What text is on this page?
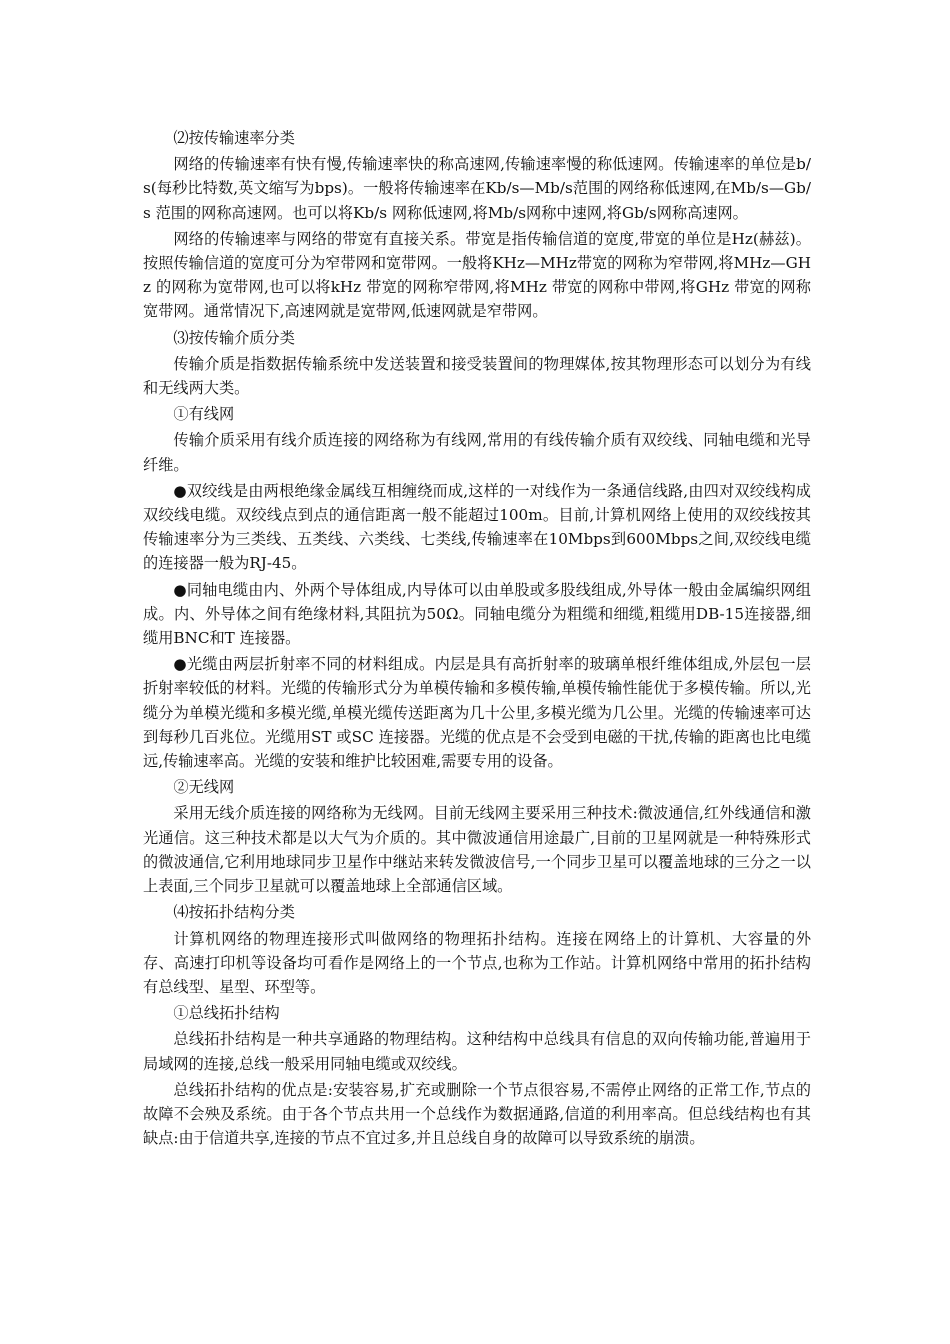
⑵按传输速率分类

网络的传输速率有快有慢,传输速率快的称高速网,传输速率慢的称低速网。传输速率的单位是b/s(每秒比特数,英文缩写为bps)。一般将传输速率在Kb/s—Mb/s范围的网络称低速网,在Mb/s—Gb/s 范围的网称高速网。也可以将Kb/s 网称低速网,将Mb/s网称中速网,将Gb/s网称高速网。

网络的传输速率与网络的带宽有直接关系。带宽是指传输信道的宽度,带宽的单位是Hz(赫兹)。按照传输信道的宽度可分为窄带网和宽带网。一般将KHz—MHz带宽的网称为窄带网,将MHz—GHz 的网称为宽带网,也可以将kHz 带宽的网称窄带网,将MHz 带宽的网称中带网,将GHz 带宽的网称宽带网。通常情况下,高速网就是宽带网,低速网就是窄带网。

⑶按传输介质分类

传输介质是指数据传输系统中发送装置和接受装置间的物理媒体,按其物理形态可以划分为有线和无线两大类。

①有线网

传输介质采用有线介质连接的网络称为有线网,常用的有线传输介质有双绞线、同轴电缆和光导纤维。

●双绞线是由两根绝缘金属线互相缠绕而成,这样的一对线作为一条通信线路,由四对双绞线构成双绞线电缆。双绞线点到点的通信距离一般不能超过100m。目前,计算机网络上使用的双绞线按其传输速率分为三类线、五类线、六类线、七类线,传输速率在10Mbps到600Mbps之间,双绞线电缆的连接器一般为RJ-45。

●同轴电缆由内、外两个导体组成,内导体可以由单股或多股线组成,外导体一般由金属编织网组成。内、外导体之间有绝缘材料,其阻抗为50Ω。同轴电缆分为粗缆和细缆,粗缆用DB-15连接器,细缆用BNC和T 连接器。

●光缆由两层折射率不同的材料组成。内层是具有高折射率的玻璃单根纤维体组成,外层包一层折射率较低的材料。光缆的传输形式分为单模传输和多模传输,单模传输性能优于多模传输。所以,光缆分为单模光缆和多模光缆,单模光缆传送距离为几十公里,多模光缆为几公里。光缆的传输速率可达到每秒几百兆位。光缆用ST 或SC 连接器。光缆的优点是不会受到电磁的干扰,传输的距离也比电缆远,传输速率高。光缆的安装和维护比较困难,需要专用的设备。

②无线网

采用无线介质连接的网络称为无线网。目前无线网主要采用三种技术:微波通信,红外线通信和激光通信。这三种技术都是以大气为介质的。其中微波通信用途最广,目前的卫星网就是一种特殊形式的微波通信,它利用地球同步卫星作中继站来转发微波信号,一个同步卫星可以覆盖地球的三分之一以上表面,三个同步卫星就可以覆盖地球上全部通信区域。

⑷按拓扑结构分类

计算机网络的物理连接形式叫做网络的物理拓扑结构。连接在网络上的计算机、大容量的外存、高速打印机等设备均可看作是网络上的一个节点,也称为工作站。计算机网络中常用的拓扑结构有总线型、星型、环型等。

①总线拓扑结构

总线拓扑结构是一种共享通路的物理结构。这种结构中总线具有信息的双向传输功能,普遍用于局域网的连接,总线一般采用同轴电缆或双绞线。

总线拓扑结构的优点是:安装容易,扩充或删除一个节点很容易,不需停止网络的正常工作,节点的故障不会殃及系统。由于各个节点共用一个总线作为数据通路,信道的利用率高。但总线结构也有其缺点:由于信道共享,连接的节点不宜过多,并且总线自身的故障可以导致系统的崩溃。
